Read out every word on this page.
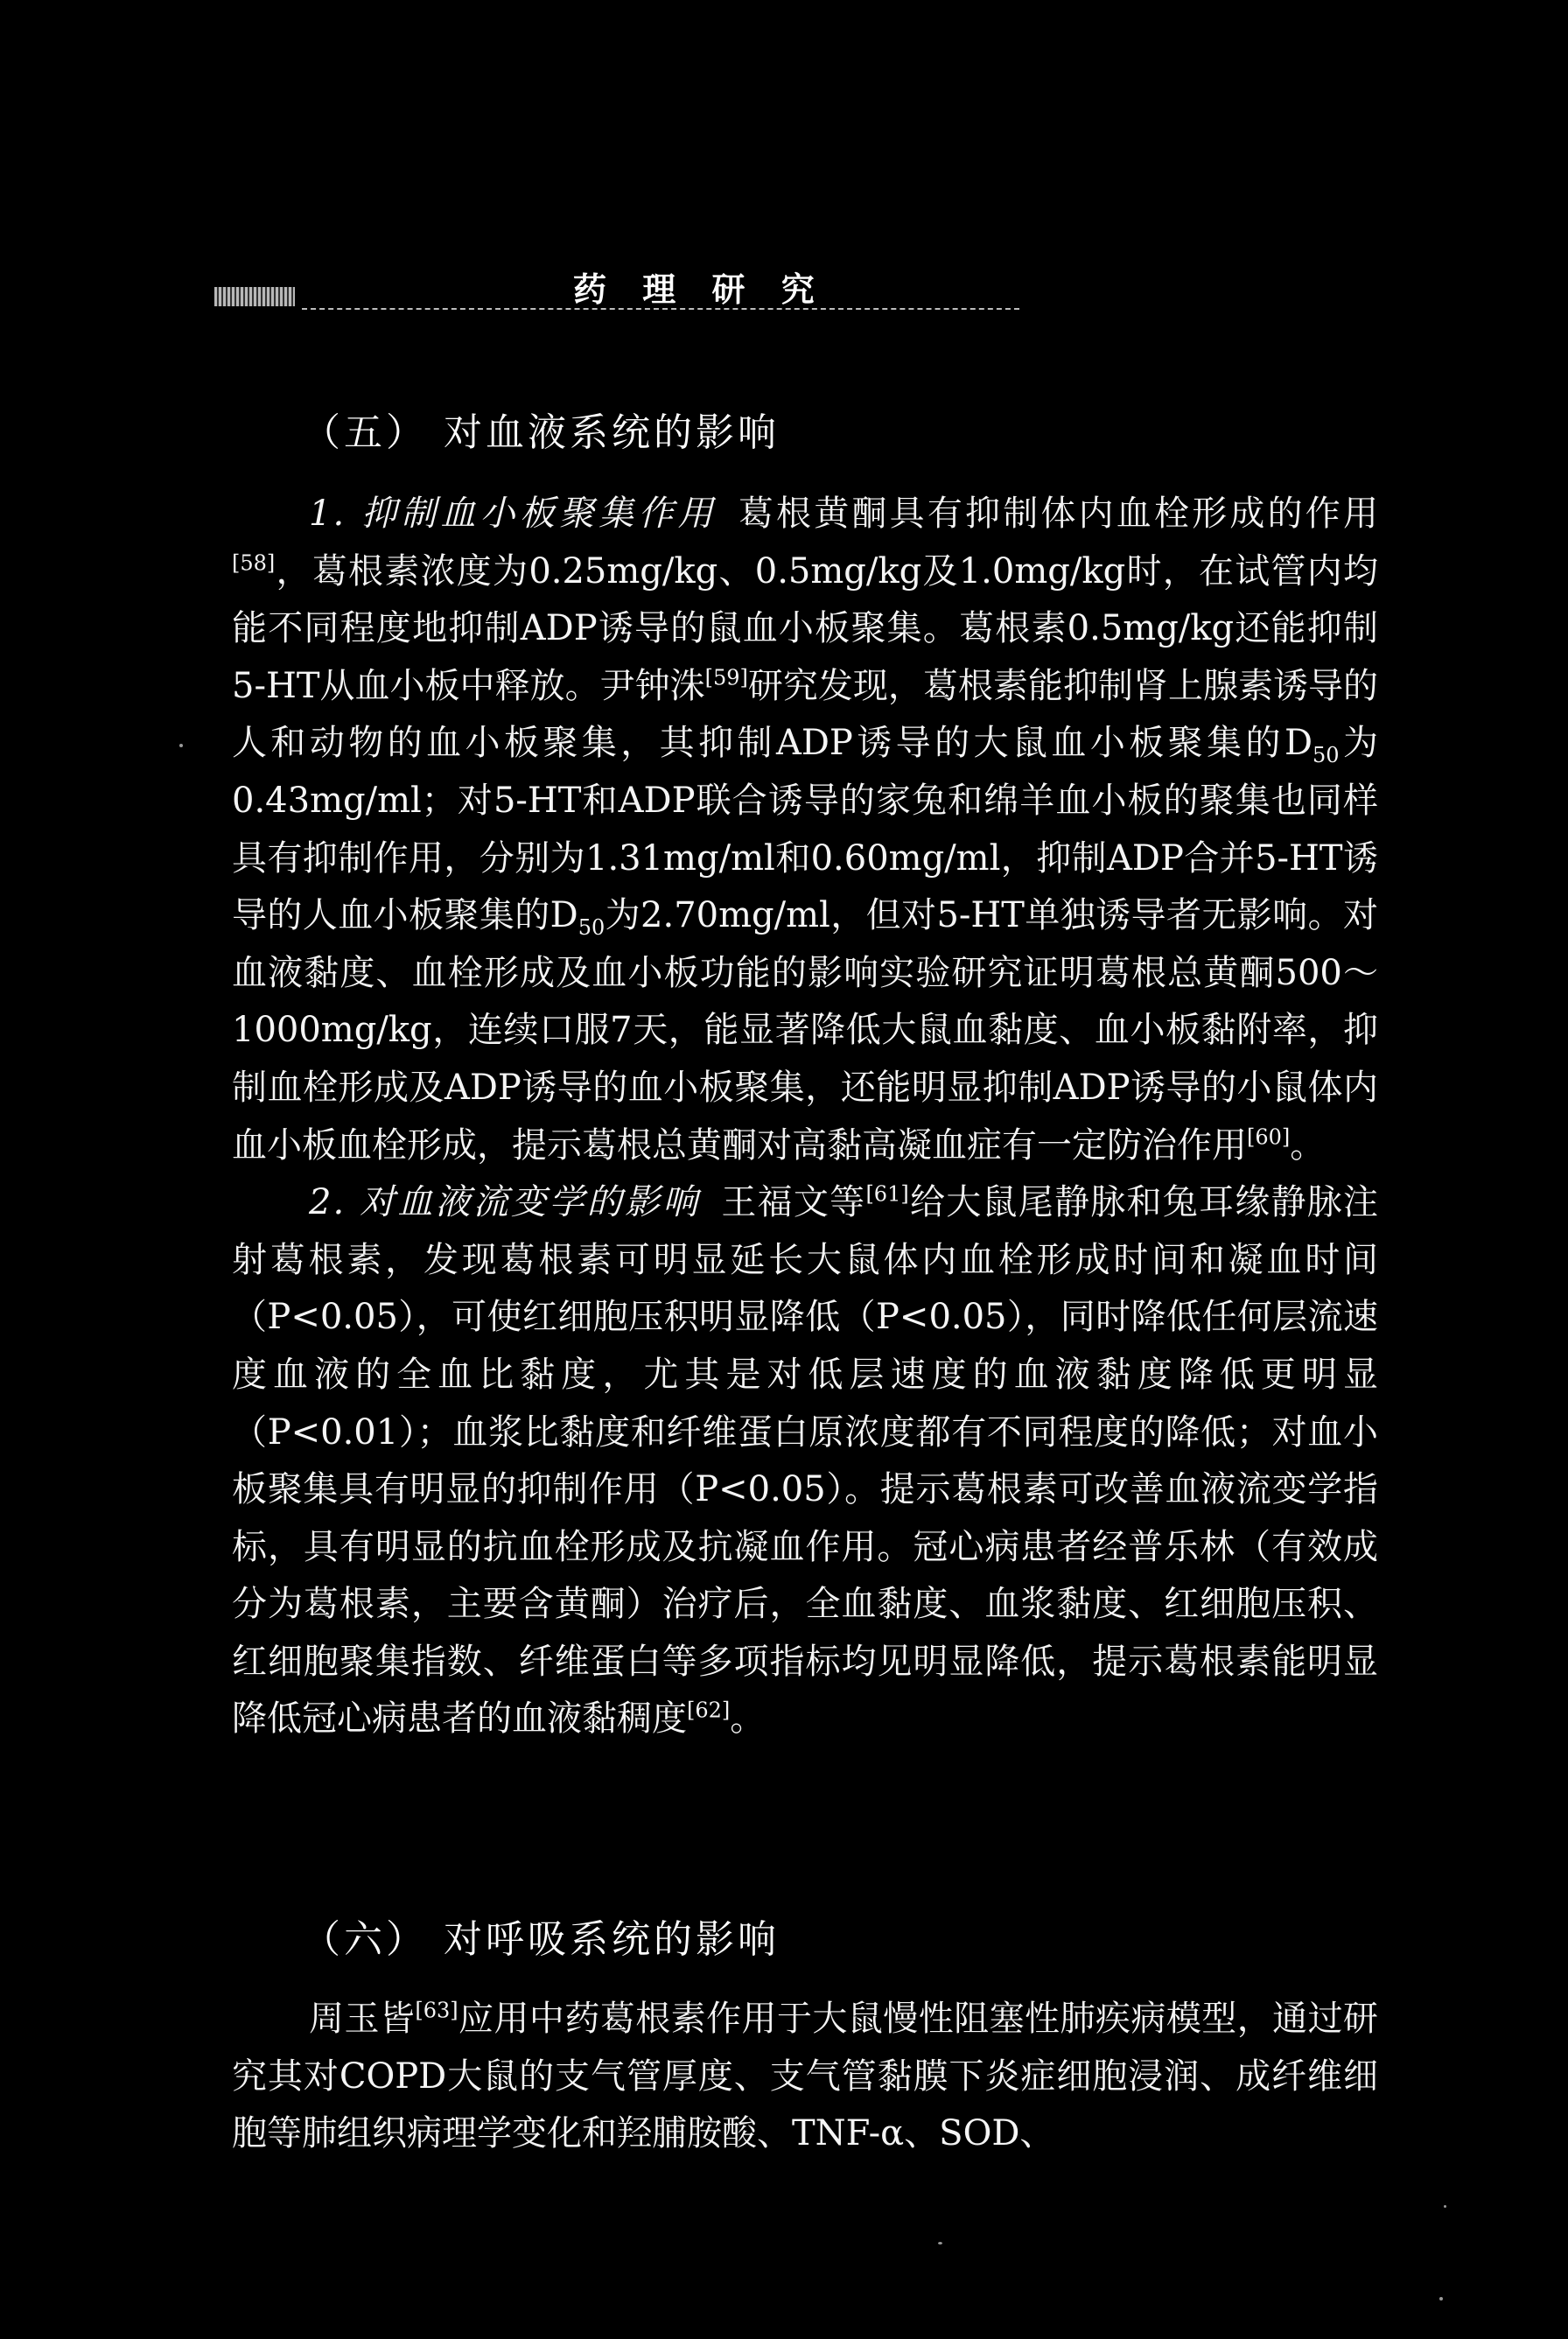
药 理 研 究
（五） 对血液系统的影响

1. 抑制血小板聚集作用 葛根黄酮具有抑制体内血栓形成的作用[58]，葛根素浓度为0.25mg/kg、0.5mg/kg及1.0mg/kg时，在试管内均能不同程度地抑制ADP诱导的鼠血小板聚集。葛根素0.5mg/kg还能抑制5-HT从血小板中释放。尹钟洙[59]研究发现，葛根素能抑制肾上腺素诱导的人和动物的血小板聚集，其抑制ADP诱导的大鼠血小板聚集的$D_{50}$为0.43mg/ml；对5-HT和ADP联合诱导的家兔和绵羊血小板的聚集也同样具有抑制作用，分别为1.31mg/ml和0.60mg/ml，抑制ADP合并5-HT诱导的人血小板聚集的$D_{50}$为2.70mg/ml，但对5-HT单独诱导者无影响。对血液黏度、血栓形成及血小板功能的影响实验研究证明葛根总黄酮500～1000mg/kg，连续口服7天，能显著降低大鼠血黏度、血小板黏附率，抑制血栓形成及ADP诱导的血小板聚集，还能明显抑制ADP诱导的小鼠体内血小板血栓形成，提示葛根总黄酮对高黏高凝血症有一定防治作用[60]。

2. 对血液流变学的影响 王福文等[61]给大鼠尾静脉和兔耳缘静脉注射葛根素，发现葛根素可明显延长大鼠体内血栓形成时间和凝血时间（P<0.05），可使红细胞压积明显降低（P<0.05），同时降低任何层流速度血液的全血比黏度，尤其是对低层速度的血液黏度降低更明显（P<0.01）；血浆比黏度和纤维蛋白原浓度都有不同程度的降低；对血小板聚集具有明显的抑制作用（P<0.05）。提示葛根素可改善血液流变学指标，具有明显的抗血栓形成及抗凝血作用。冠心病患者经普乐林（有效成分为葛根素，主要含黄酮）治疗后，全血黏度、血浆黏度、红细胞压积、红细胞聚集指数、纤维蛋白等多项指标均见明显降低，提示葛根素能明显降低冠心病患者的血液黏稠度[62]。

（六） 对呼吸系统的影响

周玉皆[63]应用中药葛根素作用于大鼠慢性阻塞性肺疾病模型，通过研究其对COPD大鼠的支气管厚度、支气管黏膜下炎症细胞浸润、成纤维细胞等肺组织病理学变化和羟脯胺酸、TNF-α、SOD、
